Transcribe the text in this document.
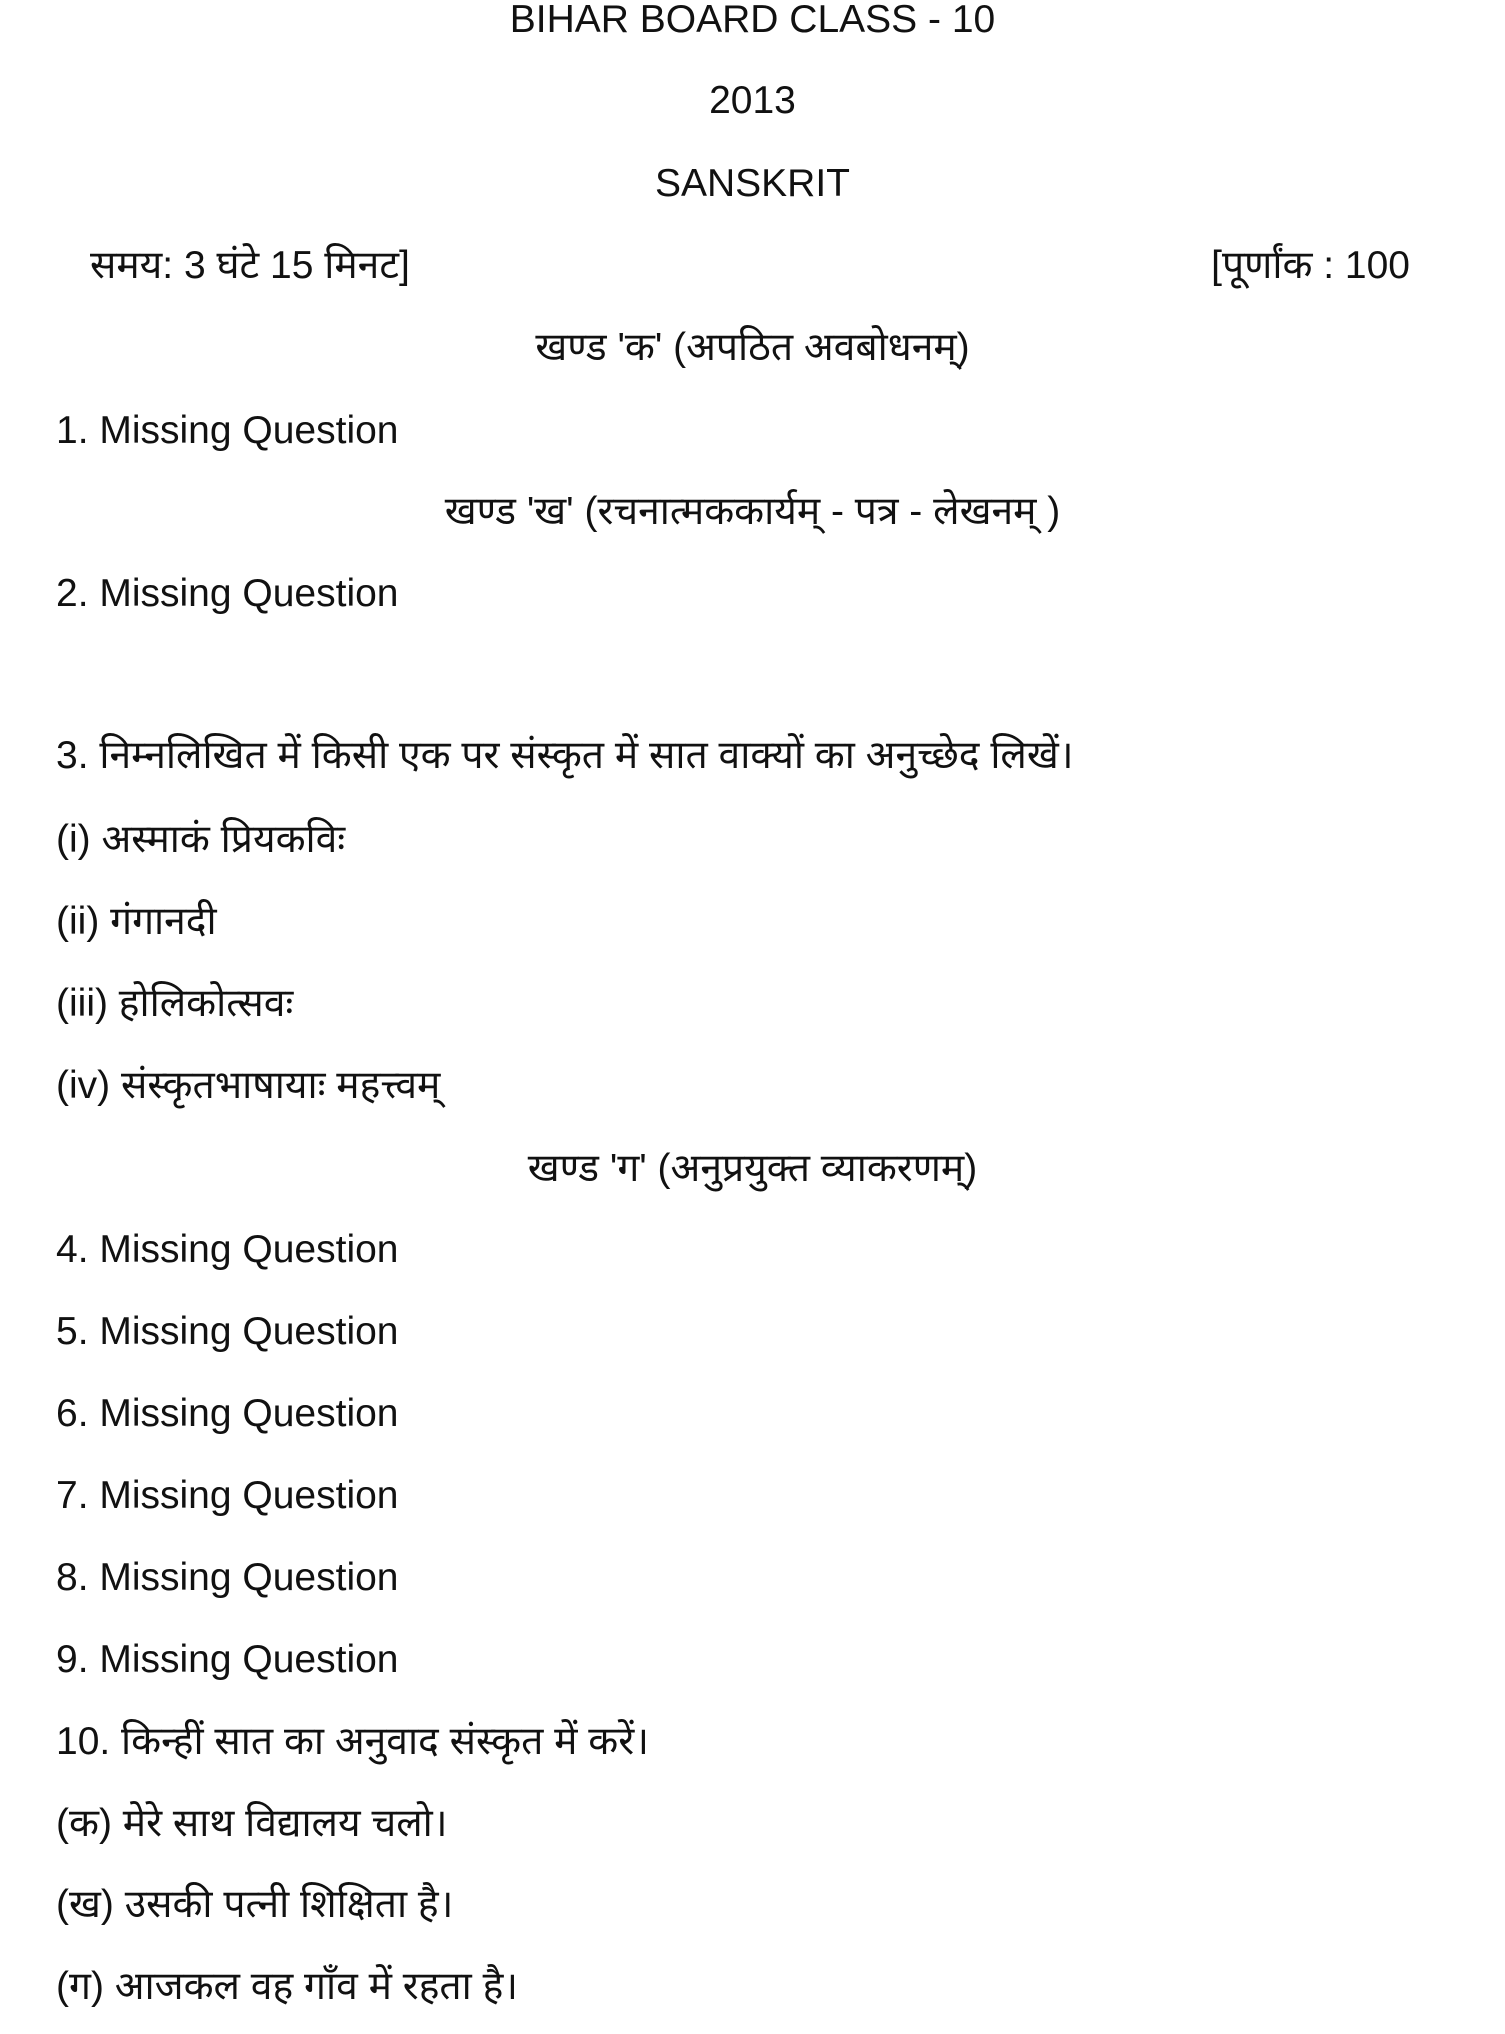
BIHAR BOARD CLASS - 10
2013
SANSKRIT
समय: 3 घंटे 15 मिनट]	[पूर्णांक : 100
खण्ड 'क' (अपठित अवबोधनम्)
1. Missing Question
खण्ड 'ख' (रचनात्मककार्यम् - पत्र - लेखनम् )
2. Missing Question
3. निम्नलिखित में किसी एक पर संस्कृत में सात वाक्यों का अनुच्छेद लिखें।
(i) अस्माकं प्रियकविः
(ii) गंगानदी
(iii) होलिकोत्सवः
(iv) संस्कृतभाषायाः महत्त्वम्
खण्ड 'ग' (अनुप्रयुक्त व्याकरणम्)
4. Missing Question
5. Missing Question
6. Missing Question
7. Missing Question
8. Missing Question
9. Missing Question
10. किन्हीं सात का अनुवाद संस्कृत में करें।
(क) मेरे साथ विद्यालय चलो।
(ख) उसकी पत्नी शिक्षिता है।
(ग) आजकल वह गाँव में रहता है।
